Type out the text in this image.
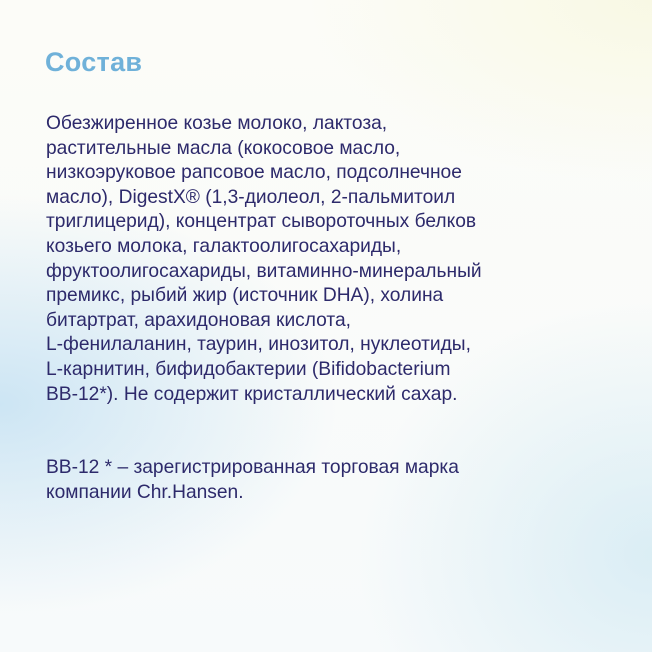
Состав

Обезжиренное козье молоко, лактоза,
растительные масла (кокосовое масло,
низкоэруковое рапсовое масло, подсолнечное
масло), DigestX® (1,3-диолеол, 2-пальмитоил
триглицерид), концентрат сывороточных белков
козьего молока, галактоолигосахариды,
фруктоолигосахариды, витаминно-минеральный
премикс, рыбий жир (источник DHA), холина
битартрат, арахидоновая кислота,
L-фенилаланин, таурин, инозитол, нуклеотиды,
L-карнитин, бифидобактерии (Bifidobacterium
BB-12*). Не содержит кристаллический сахар.

BB-12 * – зарегистрированная торговая марка
компании Chr.Hansen.
